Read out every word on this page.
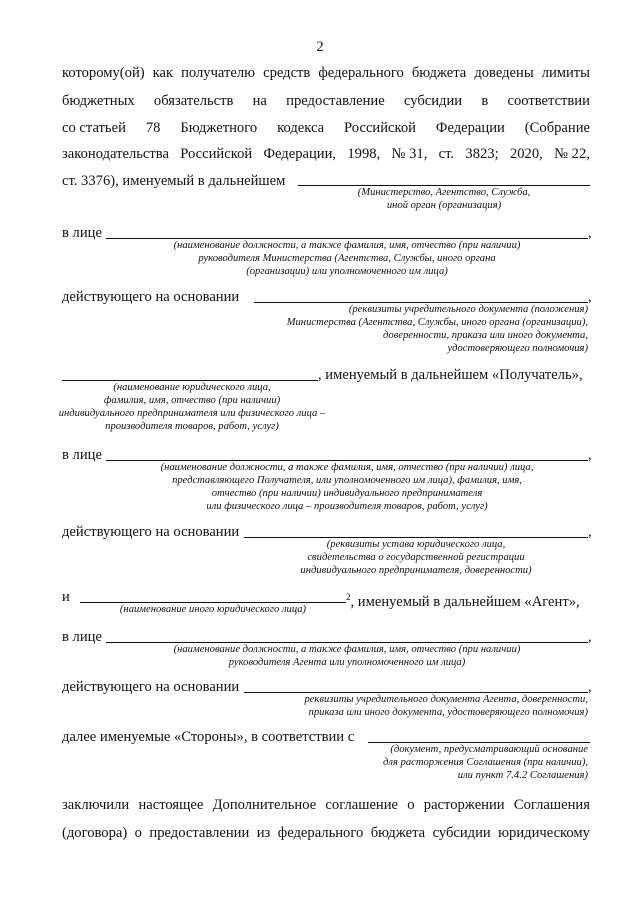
2
которому(ой) как получателю средств федерального бюджета доведены лимиты
бюджетных обязательств на предоставление субсидии в соответствии
со статьей 78 Бюджетного кодекса Российской Федерации (Собрание
законодательства Российской Федерации, 1998, № 31, ст. 3823; 2020, № 22,
ст. 3376), именуемый в дальнейшем
(Министерство, Агентство, Служба,
иной орган (организация)
в лице	,
(наименование должности, а также фамилия, имя, отчество (при наличии)
руководителя Министерства (Агентства, Службы, иного органа
(организации) или уполномоченного им лица)
действующего на основании	,
(реквизиты учредительного документа (положения)
Министерства (Агентства, Службы, иного органа (организации),
доверенности, приказа или иного документа,
удостоверяющего полномочия)
, именуемый в дальнейшем «Получатель»,
(наименование юридического лица,
фамилия, имя, отчество (при наличии)
индивидуального предпринимателя или физического лица –
производителя товаров, работ, услуг)
в лице	,
(наименование должности, а также фамилия, имя, отчество (при наличии) лица,
представляющего Получателя, или уполномоченного им лица), фамилия, имя,
отчество (при наличии) индивидуального предпринимателя
или физического лица – производителя товаров, работ, услуг)
действующего на основании	,
(реквизиты устава юридического лица,
свидетельства о государственной регистрации
индивидуального предпринимателя, доверенности)
и	$^2$, именуемый в дальнейшем «Агент»,
(наименование иного юридического лица)
в лице	,
(наименование должности, а также фамилия, имя, отчество (при наличии)
руководителя Агента или уполномоченного им лица)
действующего на основании	,
реквизиты учредительного документа Агента, доверенности,
приказа или иного документа, удостоверяющего полномочия)
далее именуемые «Стороны», в соответствии с
(документ, предусматривающий основание
для расторжения Соглашения (при наличии),
или пункт 7.4.2 Соглашения)
заключили настоящее Дополнительное соглашение о расторжении Соглашения
(договора) о предоставлении из федерального бюджета субсидии юридическому
